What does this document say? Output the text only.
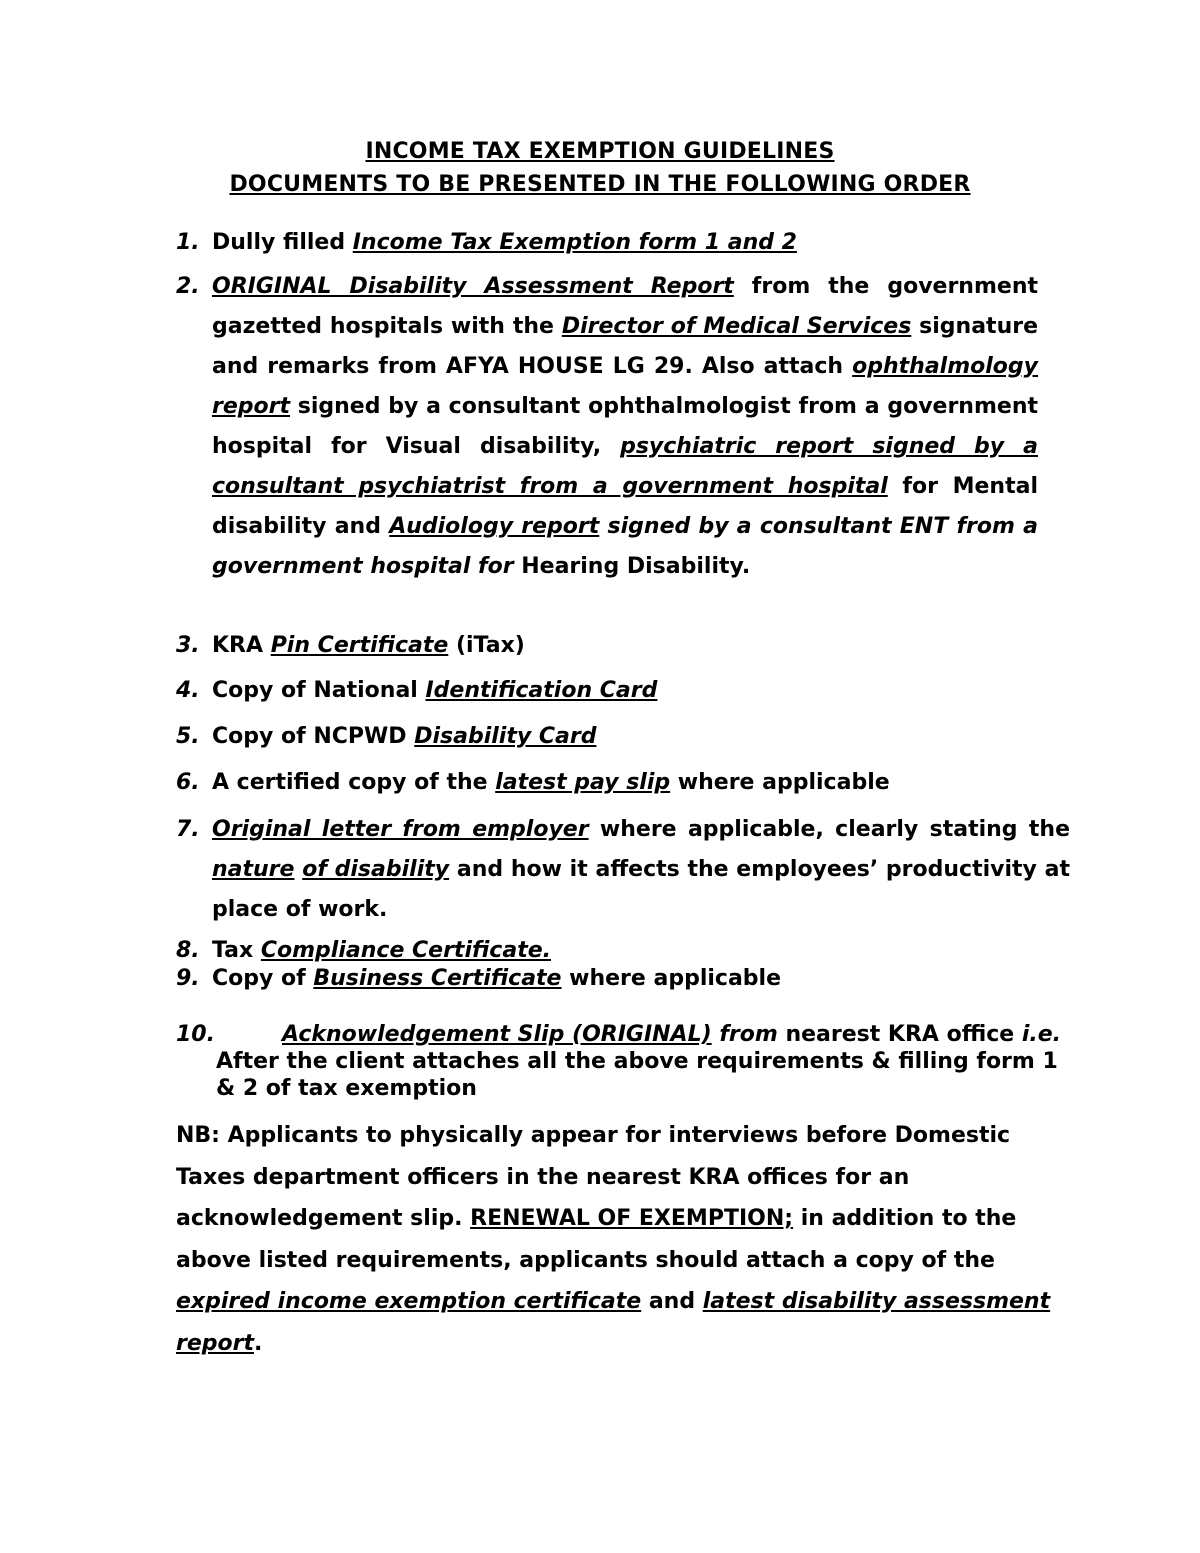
INCOME TAX EXEMPTION GUIDELINES
DOCUMENTS TO BE PRESENTED IN THE FOLLOWING ORDER
1. Dully filled Income Tax Exemption form 1 and 2
2. ORIGINAL Disability Assessment Report from the government gazetted hospitals with the Director of Medical Services signature and remarks from AFYA HOUSE LG 29. Also attach ophthalmology report signed by a consultant ophthalmologist from a government hospital for Visual disability, psychiatric report signed by a consultant psychiatrist from a government hospital for Mental disability and Audiology report signed by a consultant ENT from a government hospital for Hearing Disability.
3. KRA Pin Certificate (iTax)
4. Copy of National Identification Card
5. Copy of NCPWD Disability Card
6. A certified copy of the latest pay slip where applicable
7. Original letter from employer where applicable, clearly stating the nature of disability and how it affects the employees’ productivity at place of work.
8. Tax Compliance Certificate.
9. Copy of Business Certificate where applicable
10.	Acknowledgement Slip (ORIGINAL) from nearest KRA office i.e. After the client attaches all the above requirements & filling form 1 & 2 of tax exemption
NB: Applicants to physically appear for interviews before Domestic Taxes department officers in the nearest KRA offices for an acknowledgement slip. RENEWAL OF EXEMPTION; in addition to the above listed requirements, applicants should attach a copy of the expired income exemption certificate and latest disability assessment report.
